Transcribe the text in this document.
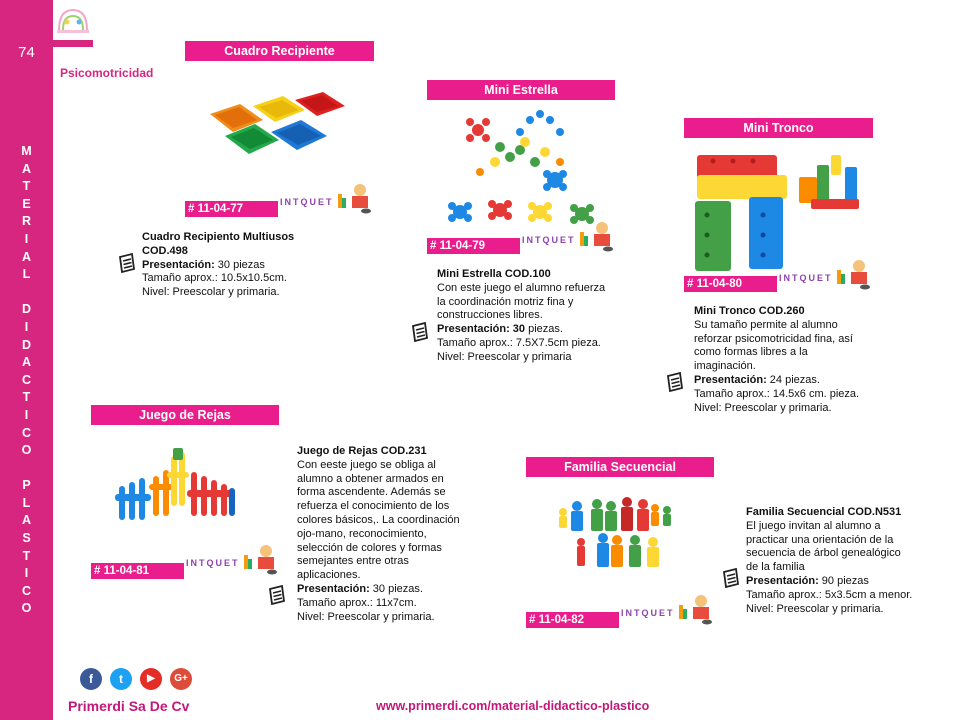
74
M
A
T
E
R
I
A
L
D
I
D
A
C
T
I
C
O
P
L
A
S
T
I
C
O
Psicomotricidad
Cuadro Recipiente
# 11-04-77
INTQUET
Cuadro Recipiento Multiusos COD.498
Presentación: 30 piezas
Tamaño aprox.: 10.5x10.5cm.
Nivel: Preescolar y primaria.
Mini Estrella
# 11-04-79	INTQUET
Mini Estrella COD.100
Con este juego el alumno refuerza
la coordinación motriz fina y
construcciones libres.
Presentación: 30 piezas.
Tamaño aprox.: 7.5X7.5cm pieza.
Nivel: Preescolar y primaria
Mini Tronco
# 11-04-80	INTQUET
Mini Tronco COD.260
Su tamaño permite al alumno
reforzar psicomotricidad fina, así
como formas libres a la
imaginación.
Presentación: 24 piezas.
Tamaño aprox.: 14.5x6 cm. pieza.
Nivel: Preescolar y primaria.
Juego de Rejas
# 11-04-81
INTQUET
Juego de Rejas COD.231
Con eeste juego se obliga al
alumno a obtener armados en
forma ascendente. Además se
refuerza el conocimiento de los
colores básicos,. La coordinación
ojo-mano, reconocimiento,
selección de colores y formas
semejantes entre otras
aplicaciones.
Presentación: 30 piezas.
Tamaño aprox.: 11x7cm.
Nivel: Preescolar y primaria.
Familia Secuencial
# 11-04-82
INTQUET
Familia Secuencial COD.N531
El juego invitan al alumno a
practicar una orientación de la
secuencia de árbol genealógico
de la familia
Presentación: 90 piezas
Tamaño aprox.: 5x3.5cm a menor.
Nivel: Preescolar y primaria.
f	t	▶	G+
Primerdi Sa De Cv	www.primerdi.com/material-didactico-plastico
